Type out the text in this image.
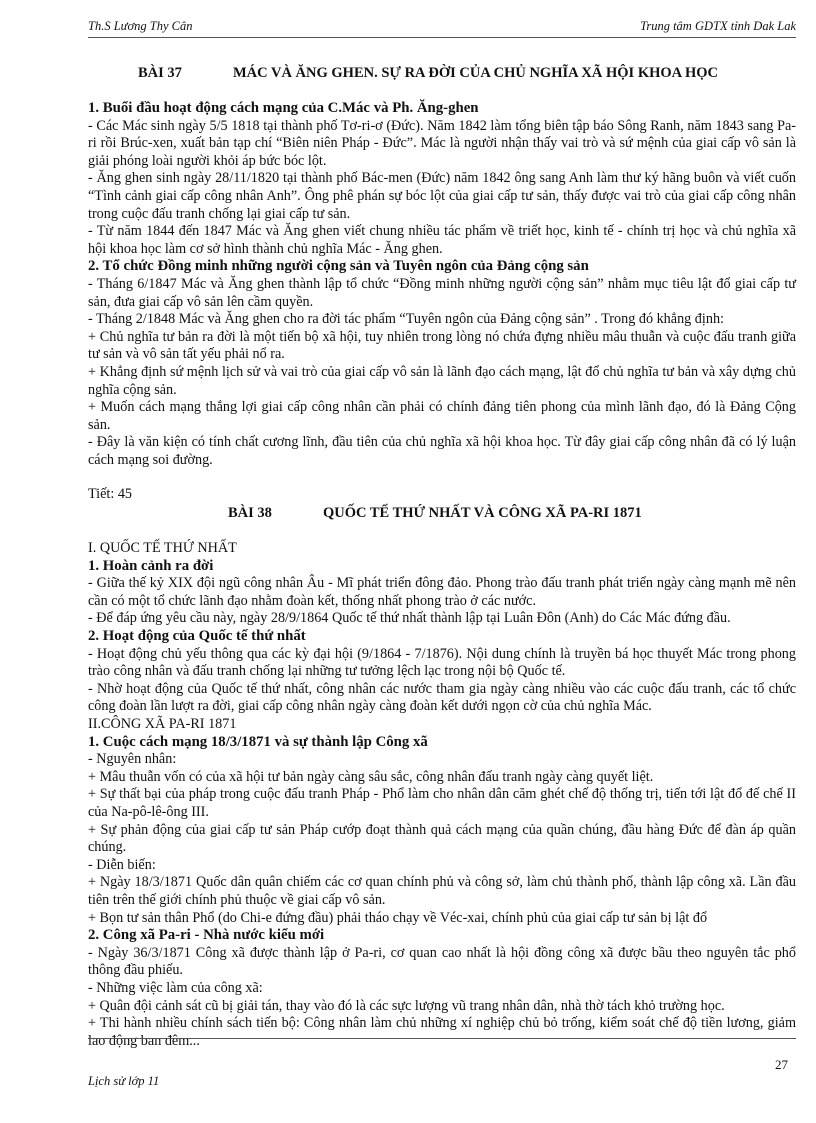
Th.S Lương Thy Cân	Trung tâm GDTX tỉnh Dak Lak
BÀI 37	MÁC VÀ ĂNG GHEN. SỰ RA ĐỜI CỦA CHỦ NGHĨA XÃ HỘI KHOA HỌC
1. Buổi đầu hoạt động cách mạng của C.Mác và Ph. Ăng-ghen
- Các Mác sinh ngày 5/5 1818 tại thành phố Tơ-ri-ơ (Đức). Năm 1842 làm tổng biên tập báo Sông Ranh, năm 1843 sang Pa-ri rồi Brúc-xen, xuất bản tạp chí “Biên niên Pháp - Đức”. Mác là người nhận thấy vai trò và sứ mệnh của giai cấp vô sản là giải phóng loài người khỏi áp bức bóc lột.
- Ăng ghen sinh ngày 28/11/1820 tại thành phố Bác-men (Đức) năm 1842 ông sang Anh làm thư ký hãng buôn và viết cuốn “Tình cảnh giai cấp công nhân Anh”. Ông phê phán sự bóc lột của giai cấp tư sản, thấy được vai trò của giai cấp công nhân trong cuộc đấu tranh chống lại giai cấp tư sản.
- Từ năm 1844 đến 1847 Mác và Ăng ghen viết chung nhiều tác phẩm về triết học, kinh tế - chính trị học và chủ nghĩa xã hội khoa học làm cơ sở hình thành chủ nghĩa Mác - Ăng ghen.
2. Tổ chức Đồng minh những người cộng sản và Tuyên ngôn của Đảng cộng sản
- Tháng 6/1847 Mác và Ăng ghen thành lập tổ chức “Đồng minh những người cộng sản” nhằm mục tiêu lật đổ giai cấp tư sản, đưa giai cấp vô sản lên cầm quyền.
- Tháng 2/1848 Mác và Ăng ghen cho ra đời tác phẩm “Tuyên ngôn của Đảng cộng sản” . Trong đó khẳng định:
+ Chủ nghĩa tư bản ra đời là một tiến bộ xã hội, tuy nhiên trong lòng nó chứa đựng nhiều mâu thuẫn và cuộc đấu tranh giữa tư sản và vô sản tất yếu phải nổ ra.
+ Khẳng định sứ mệnh lịch sử và vai trò của giai cấp vô sản là lãnh đạo cách mạng, lật đổ chủ nghĩa tư bản và xây dựng chủ nghĩa cộng sản.
+ Muốn cách mạng thắng lợi giai cấp công nhân cần phải có chính đảng tiên phong của mình lãnh đạo, đó là Đảng Cộng sản.
- Đây là văn kiện có tính chất cương lĩnh, đầu tiên của chủ nghĩa xã hội khoa học. Từ đây giai cấp công nhân đã có lý luận cách mạng soi đường.
Tiết: 45
BÀI 38	QUỐC TẾ THỨ NHẤT VÀ CÔNG XÃ PA-RI 1871
I. QUỐC TẾ THỨ NHẤT
1. Hoàn cảnh ra đời
- Giữa thế kỷ XIX đội ngũ công nhân Âu - Mĩ phát triển đông đảo. Phong trào đấu tranh phát triển ngày càng mạnh mẽ nên cần có một tổ chức lãnh đạo nhằm đoàn kết, thống nhất phong trào ở các nước.
- Để đáp ứng yêu cầu này, ngày 28/9/1864 Quốc tế thứ nhất thành lập tại Luân Đôn (Anh) do Các Mác đứng đầu.
2. Hoạt động của Quốc tế thứ nhất
- Hoạt động chủ yếu thông qua các kỳ đại hội (9/1864 - 7/1876). Nội dung chính là truyền bá học thuyết Mác trong phong trào công nhân và đấu tranh chống lại những tư tưởng lệch lạc trong nội bộ Quốc tế.
- Nhờ hoạt động của Quốc tế thứ nhất, công nhân các nước tham gia ngày càng nhiều vào các cuộc đấu tranh, các tổ chức công đoàn lần lượt ra đời, giai cấp công nhân ngày càng đoàn kết dưới ngọn cờ của chủ nghĩa Mác.
II.CÔNG XÃ PA-RI 1871
1. Cuộc cách mạng 18/3/1871 và sự thành lập Công xã
- Nguyên nhân:
+ Mâu thuẫn vốn có của xã hội tư bản ngày càng sâu sắc, công nhân đấu tranh ngày càng quyết liệt.
+ Sự thất bại của pháp trong cuộc đấu tranh Pháp - Phổ làm cho nhân dân căm ghét chế độ thống trị, tiến tới lật đổ đế chế II của Na-pô-lê-ông III.
+ Sự phản động của giai cấp tư sản Pháp cướp đoạt thành quả cách mạng của quần chúng, đầu hàng Đức để đàn áp quần chúng.
- Diễn biến:
+ Ngày 18/3/1871 Quốc dân quân chiếm các cơ quan chính phủ và công sở, làm chủ thành phố, thành lập công xã. Lần đầu tiên trên thế giới chính phủ thuộc về giai cấp vô sản.
+ Bọn tư sản thân Phổ (do Chi-e đứng đầu) phải tháo chạy về Véc-xai, chính phủ của giai cấp tư sản bị lật đổ
2. Công xã Pa-ri - Nhà nước kiểu mới
- Ngày 36/3/1871 Công xã được thành lập ở Pa-ri, cơ quan cao nhất là hội đồng công xã được bầu theo nguyên tắc phổ thông đầu phiếu.
- Những việc làm của công xã:
+ Quân đội cảnh sát cũ bị giải tán, thay vào đó là các sực lượng vũ trang nhân dân, nhà thờ tách khỏ trường học.
+ Thi hành nhiều chính sách tiến bộ: Công nhân làm chủ những xí nghiệp chủ bỏ trống, kiểm soát chế độ tiền lương, giảm lao động ban đêm...
27
Lịch sử lớp 11
